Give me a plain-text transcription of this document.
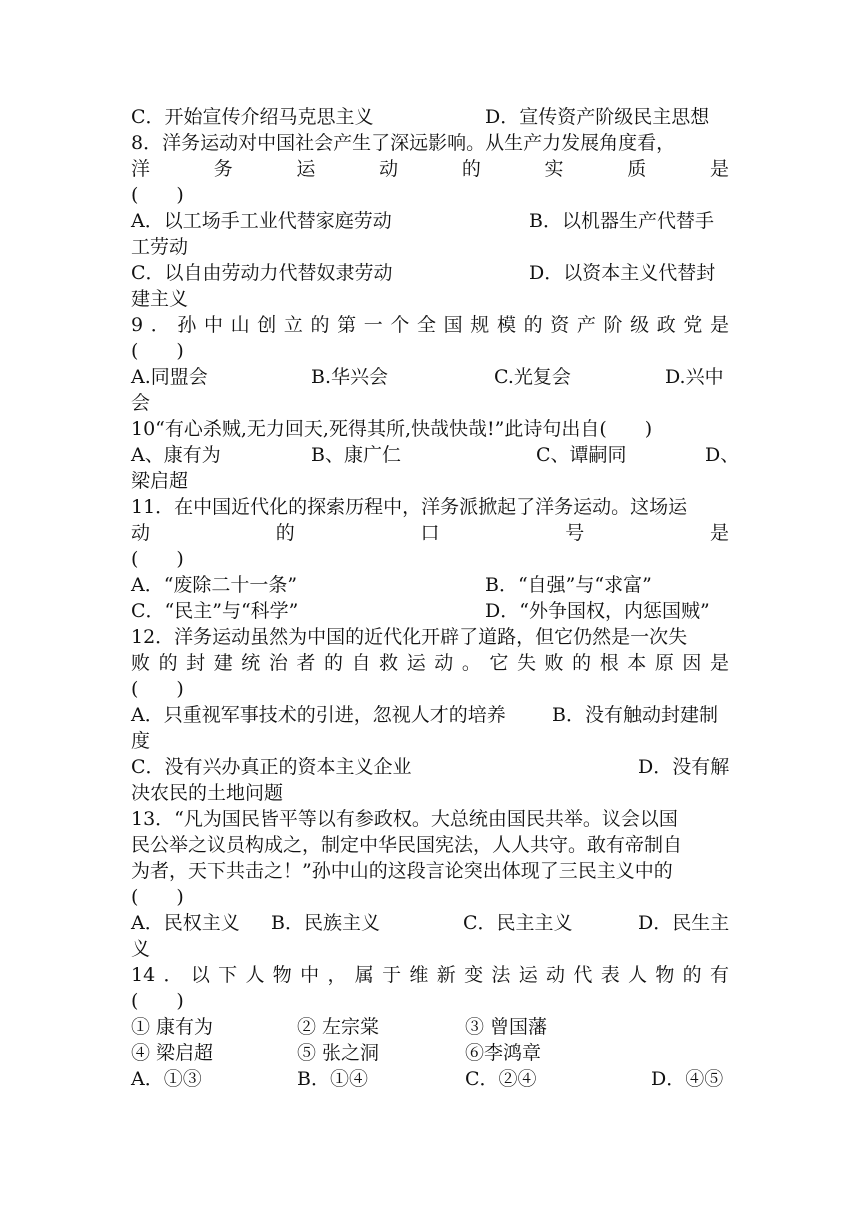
C．开始宣传介绍马克思主义	D．宣传资产阶级民主思想
8．洋务运动对中国社会产生了深远影响。从生产力发展角度看，
洋　　　务　　　运　　　动　　　的　　　实　　　质　　　是
(　　)
A．以工场手工业代替家庭劳动	B．以机器生产代替手
工劳动
C．以自由劳动力代替奴隶劳动	D．以资本主义代替封
建主义
9．孙中山创立的第一个全国规模的资产阶级政党是
(　　)
A.同盟会	B.华兴会	C.光复会	D.兴中
会
10“有心杀贼,无力回天,死得其所,快哉快哉!”此诗句出自(　　)
A、康有为	B、康广仁	C、谭嗣同	D、
梁启超
11．在中国近代化的探索历程中，洋务派掀起了洋务运动。这场运
动　　　　　的　　　　　口　　　　　号　　　　　是
(　　)
A．“废除二十一条”	B．“自强”与“求富”
C．“民主”与“科学”	D．“外争国权，内惩国贼”
12．洋务运动虽然为中国的近代化开辟了道路，但它仍然是一次失
败的封建统治者的自救运动。它失败的根本原因是
(　　)
A．只重视军事技术的引进，忽视人才的培养 B．没有触动封建制
度
C．没有兴办真正的资本主义企业	D．没有解
决农民的土地问题
13．“凡为国民皆平等以有参政权。大总统由国民共举。议会以国
民公举之议员构成之，制定中华民国宪法，人人共守。敢有帝制自
为者，天下共击之！”孙中山的这段言论突出体现了三民主义中的
(　　)
A．民权主义 B．民族主义	C．民主主义	D．民生主
义
14．以下人物中，属于维新变法运动代表人物的有
(　　)
① 康有为	② 左宗棠	③ 曾国藩
④ 梁启超	⑤ 张之洞	⑥李鸿章
A．①③	B．①④	C．②④	D．④⑤
